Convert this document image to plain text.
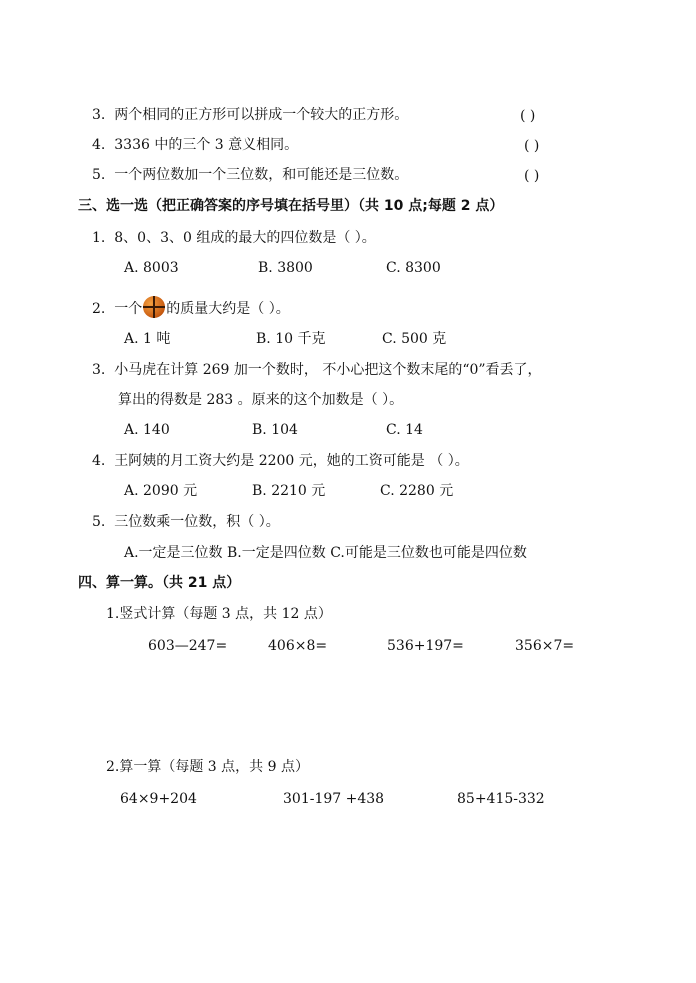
3. 两个相同的正方形可以拼成一个较大的正方形。	( )
4. 3336 中的三个 3 意义相同。	( )
5. 一个两位数加一个三位数，和可能还是三位数。	( )
三、选一选（把正确答案的序号填在括号里）（共 10 点;每题 2 点）
1. 8、0、3、0 组成的最大的四位数是（ ）。
A. 8003	B. 3800	C. 8300
2. 一个 的质量大约是（ ）。
A. 1 吨	B. 10 千克	C. 500 克
3. 小马虎在计算 269 加一个数时， 不小心把这个数末尾的“0”看丢了，
算出的得数是 283 。原来的这个加数是（ ）。
A. 140	B. 104	C. 14
4. 王阿姨的月工资大约是 2200 元，她的工资可能是 （ ）。
A. 2090 元	B. 2210 元	C. 2280 元
5. 三位数乘一位数，积（ ）。
A.一定是三位数 B.一定是四位数 C.可能是三位数也可能是四位数
四、算一算。（共 21 点）
1.竖式计算（每题 3 点，共 12 点）
603—247=	406×8=	536+197=	356×7=
2.算一算（每题 3 点，共 9 点）
64×9+204	301-197 +438	85+415-332
